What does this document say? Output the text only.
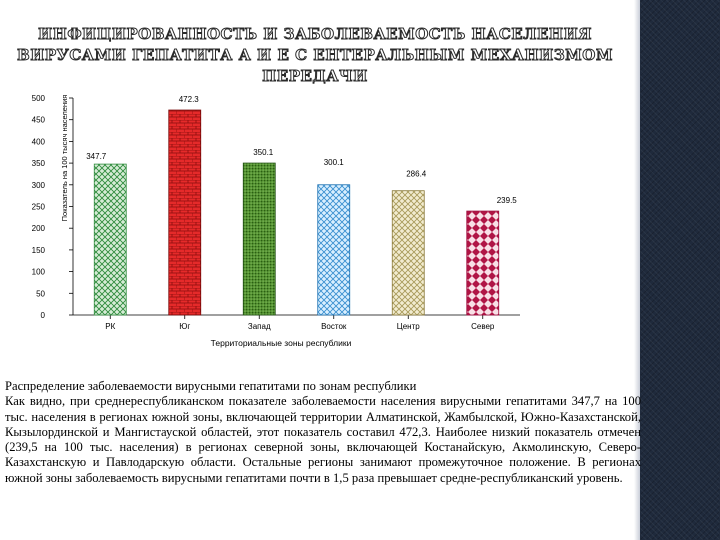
ИНФИЦИРОВАННОСТЬ И ЗАБОЛЕВАЕМОСТЬ НАСЕЛЕНИЯ ВИРУСАМИ ГЕПАТИТА А И Е С ЕНТЕРАЛЬНЫМ МЕХАНИЗМОМ ПЕРЕДАЧИ
0
50
100
150
200
250
300
350
400
450
500
347.7
472.3
350.1
300.1
286.4
239.5
РК	Юг	Запад	Восток	Центр	Север
Показатель на 100 тысяч населения
Территориальные зоны республики

Распределение заболеваемости вирусными гепатитами по зонам республики
Как видно, при среднереспубликанском показателе заболеваемости населения вирусными гепатитами 347,7 на 100 тыс. населения в регионах южной зоны, включающей территории Алматинской, Жамбылской, Южно-Казахстанской, Кызылординской и Мангистауской областей, этот показатель составил 472,3. Наиболее низкий показатель отмечен (239,5 на 100 тыс. населения) в регионах северной зоны, включающей Костанайскую, Акмолинскую, Северо-Казахстанскую и Павлодарскую области. Остальные регионы занимают промежуточное положение. В регионах южной зоны заболеваемость вирусными гепатитами почти в 1,5 раза превышает средне-республиканский уровень.
